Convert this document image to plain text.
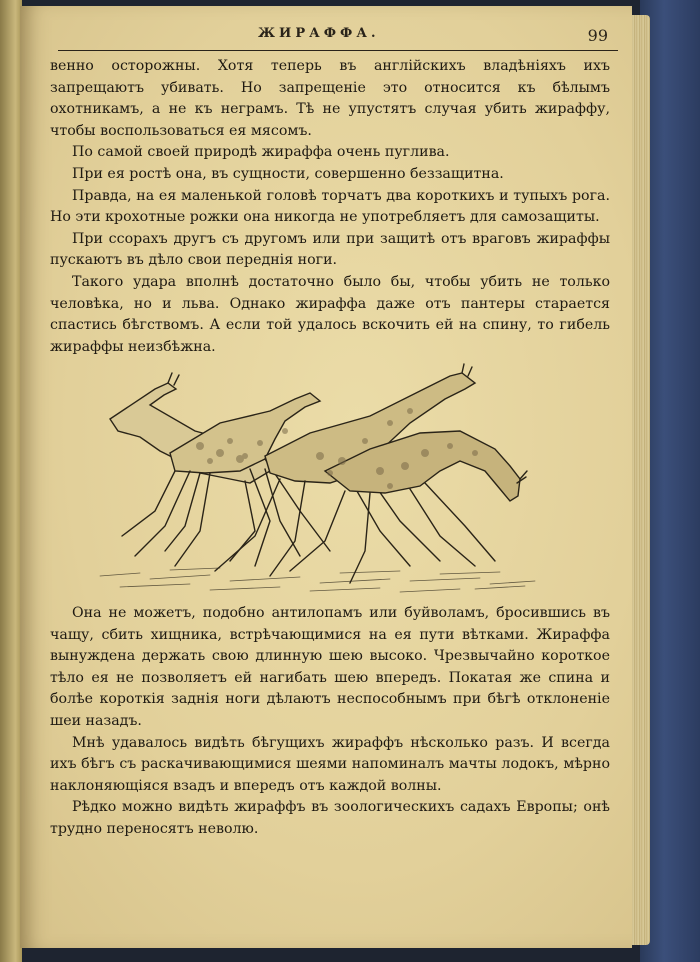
ЖИРАФФА.	99

венно осторожны. Хотя теперь въ англійскихъ владѣніяхъ ихъ запрещаютъ убивать. Но запрещеніе это относится къ бѣлымъ охотникамъ, а не къ неграмъ. Тѣ не упустятъ случая убить жираффу, чтобы воспользоваться ея мясомъ.

По самой своей природѣ жираффа очень пуглива.

При ея ростѣ она, въ сущности, совершенно беззащитна.

Правда, на ея маленькой головѣ торчатъ два короткихъ и тупыхъ рога. Но эти крохотные рожки она никогда не употребляетъ для самозащиты.

При ссорахъ другъ съ другомъ или при защитѣ отъ враговъ жираффы пускаютъ въ дѣло свои переднія ноги.

Такого удара вполнѣ достаточно было бы, чтобы убить не только человѣка, но и льва. Однако жираффа даже отъ пантеры старается спастись бѣгствомъ. А если той удалось вскочить ей на спину, то гибель жираффы неизбѣжна.

Она не можетъ, подобно антилопамъ или буйволамъ, бросившись въ чащу, сбить хищника, встрѣчающимися на ея пути вѣтками. Жираффа вынуждена держать свою длинную шею высоко. Чрезвычайно короткое тѣло ея не позволяетъ ей нагибать шею впередъ. Покатая же спина и болѣе короткія заднія ноги дѣлаютъ неспособнымъ при бѣгѣ отклоненіе шеи назадъ.

Мнѣ удавалось видѣть бѣгущихъ жираффъ нѣсколько разъ. И всегда ихъ бѣгъ съ раскачивающимися шеями напоминалъ мачты лодокъ, мѣрно наклоняющіяся взадъ и впередъ отъ каждой волны.

Рѣдко можно видѣть жираффъ въ зоологическихъ садахъ Европы; онѣ трудно переносятъ неволю.
